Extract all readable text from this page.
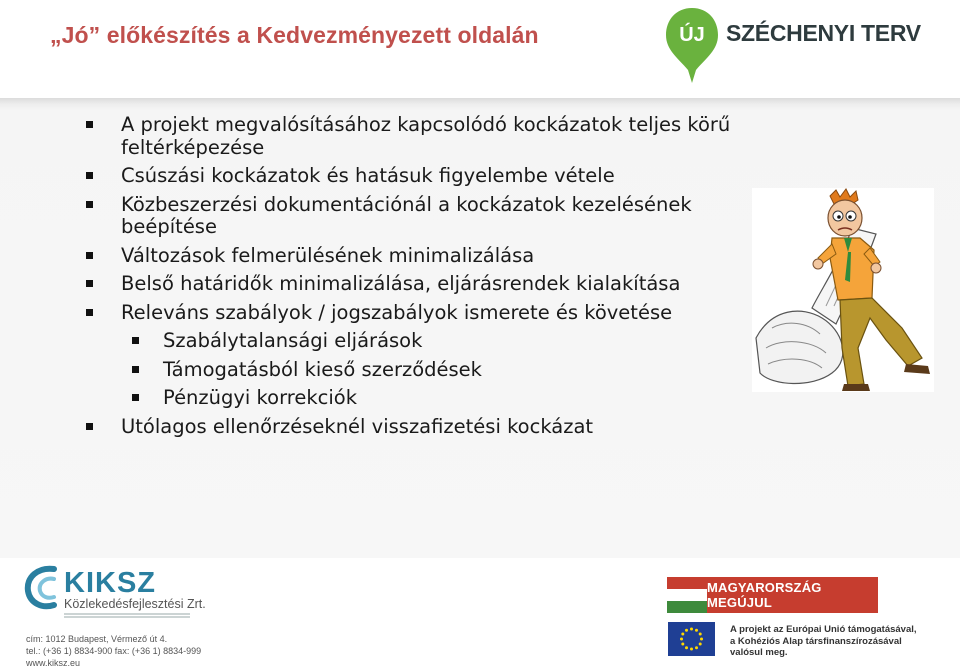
„Jó” előkészítés a Kedvezményezett oldalán	ÚJ SZÉCHENYI TERV
A projekt megvalósításához kapcsolódó kockázatok teljes körű feltérképezése
Csúszási kockázatok és hatásuk figyelembe vétele
Közbeszerzési dokumentációnál a kockázatok kezelésének beépítése
Változások felmerülésének minimalizálása
Belső határidők minimalizálása, eljárásrendek kialakítása
Releváns szabályok / jogszabályok ismerete és követése
Szabálytalansági eljárások
Támogatásból kieső szerződések
Pénzügyi korrekciók
Utólagos ellenőrzéseknél visszafizetési kockázat
KIKSZ
Közlekedésfejlesztési Zrt.
cím: 1012 Budapest, Vérmező út 4.
tel.: (+36 1) 8834-900 fax: (+36 1) 8834-999
www.kiksz.eu
MAGYARORSZÁG MEGÚJUL
A projekt az Európai Unió támogatásával,
a Kohéziós Alap társfinanszírozásával
valósul meg.
